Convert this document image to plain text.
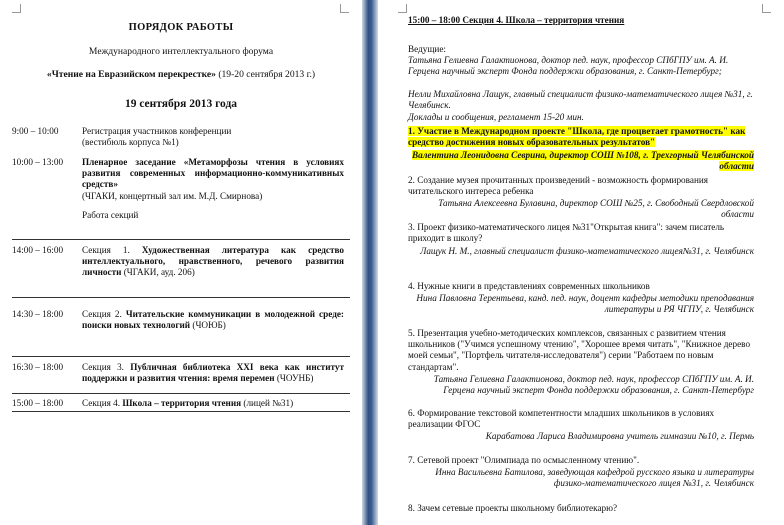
ПОРЯДОК РАБОТЫ
Международного интеллектуального форума
«Чтение на Евразийском перекрестке» (19-20 сентября 2013 г.)
19 сентября 2013 года
9:00 – 10:00	Регистрация участников конференции
(вестибюль корпуса №1)
10:00 – 13:00	Пленарное заседание «Метаморфозы чтения в условиях развития современных информационно-коммуникативных средств»
(ЧГАКИ, концертный зал им. М.Д. Смирнова)
Работа секций
14:00 – 16:00	Секция 1. Художественная литература как средство интеллектуального, нравственного, речевого развития личности (ЧГАКИ, ауд. 206)
14:30 – 18:00	Секция 2. Читательские коммуникации в молодежной среде: поиски новых технологий (ЧОЮБ)
16:30 – 18:00	Секция 3. Публичная библиотека XXI века как институт поддержки и развития чтения: время перемен (ЧОУНБ)
15:00 – 18:00	Секция 4. Школа – территория чтения (лицей №31)
15:00 – 18:00 Секция 4. Школа – территория чтения
Ведущие:
Татьяна Гелиевна Галактионова, доктор пед. наук, профессор СПбГПУ им. А. И. Герцена научный эксперт Фонда поддержки образования, г. Санкт-Петербург;
Нелли Михайловна Лащук, главный специалист физико-математического лицея №31, г. Челябинск.
Доклады и сообщения, регламент 15-20 мин.
1. Участие в Международном проекте "Школа, где процветает грамотность" как средство достижения новых образовательных результатов"
Валентина Леонидовна Севрина, директор СОШ №108, г. Трехгорный Челябинской области
2. Создание музея прочитанных произведений - возможность формирования читательского интереса ребенка
Татьяна Алексеевна Булавина, директор СОШ №25, г. Свободный Свердловской области
3. Проект физико-математического лицея №31"Открытая книга": зачем писатель приходит в школу?
Лащук Н. М., главный специалист физико-математического лицея№31, г. Челябинск
4. Нужные книги в представлениях современных школьников
Нина Павловна Терентьева, канд. пед. наук, доцент кафедры методики преподавания литературы и РЯ ЧГПУ, г. Челябинск
5. Презентация учебно-методических комплексов, связанных с развитием чтения школьников ("Учимся успешному чтению", "Хорошее время читать", "Книжное дерево моей семьи", "Портфель читателя-исследователя") серии "Работаем по новым стандартам".
Татьяна Гелиевна Галактионова, доктор пед. наук, профессор СПбГПУ им. А. И. Герцена научный эксперт Фонда поддержки образования, г. Санкт-Петербург
6. Формирование текстовой компетентности младших школьников в условиях реализации ФГОС
Карабатова Лариса Владимировна учитель гимназии №10, г. Пермь
7. Сетевой проект "Олимпиада по осмысленному чтению".
Инна Васильевна Батилова, заведующая кафедрой русского языка и литературы физико-математического лицея №31, г. Челябинск
8. Зачем сетевые проекты школьному библиотекарю?
